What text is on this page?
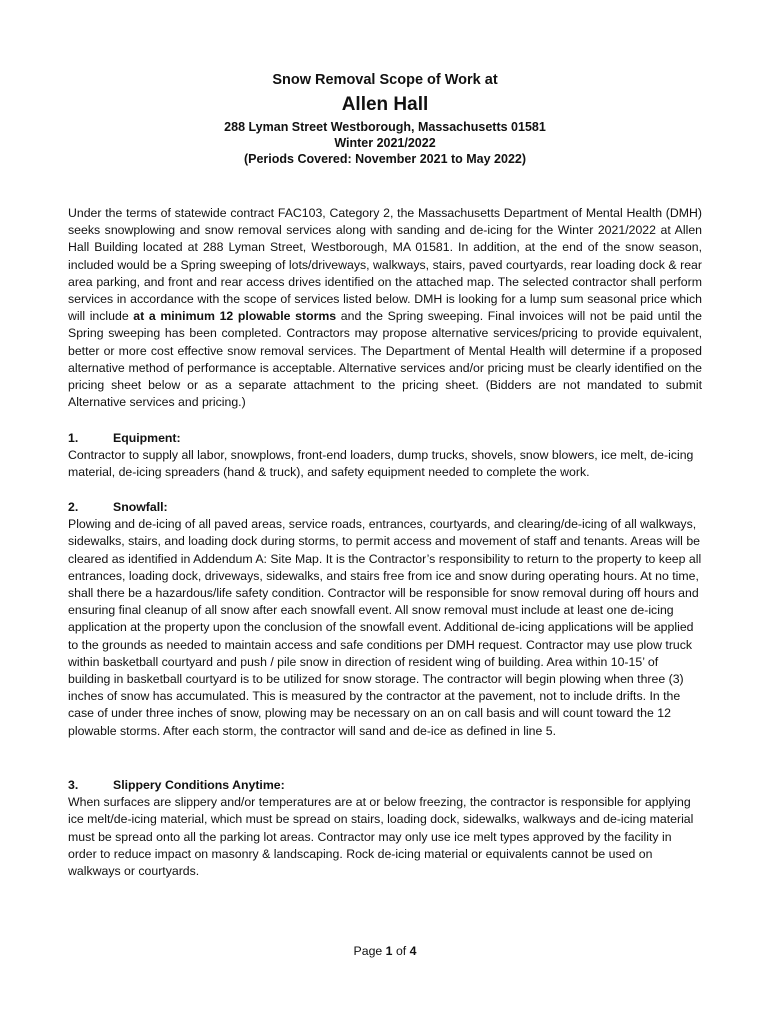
Snow Removal Scope of Work at
Allen Hall
288 Lyman Street Westborough, Massachusetts 01581
Winter 2021/2022
(Periods Covered: November 2021 to May 2022)

Under the terms of statewide contract FAC103, Category 2, the Massachusetts Department of Mental Health (DMH) seeks snowplowing and snow removal services along with sanding and de-icing for the Winter 2021/2022 at Allen Hall Building located at 288 Lyman Street, Westborough, MA 01581. In addition, at the end of the snow season, included would be a Spring sweeping of lots/driveways, walkways, stairs, paved courtyards, rear loading dock & rear area parking, and front and rear access drives identified on the attached map. The selected contractor shall perform services in accordance with the scope of services listed below. DMH is looking for a lump sum seasonal price which will include at a minimum 12 plowable storms and the Spring sweeping. Final invoices will not be paid until the Spring sweeping has been completed. Contractors may propose alternative services/pricing to provide equivalent, better or more cost effective snow removal services. The Department of Mental Health will determine if a proposed alternative method of performance is acceptable. Alternative services and/or pricing must be clearly identified on the pricing sheet below or as a separate attachment to the pricing sheet. (Bidders are not mandated to submit Alternative services and pricing.)

1.	Equipment:

Contractor to supply all labor, snowplows, front-end loaders, dump trucks, shovels, snow blowers, ice melt, de-icing material, de-icing spreaders (hand & truck), and safety equipment needed to complete the work.

2.	Snowfall:

Plowing and de-icing of all paved areas, service roads, entrances, courtyards, and clearing/de-icing of all walkways, sidewalks, stairs, and loading dock during storms, to permit access and movement of staff and tenants. Areas will be cleared as identified in Addendum A: Site Map. It is the Contractor’s responsibility to return to the property to keep all entrances, loading dock, driveways, sidewalks, and stairs free from ice and snow during operating hours. At no time, shall there be a hazardous/life safety condition. Contractor will be responsible for snow removal during off hours and ensuring final cleanup of all snow after each snowfall event. All snow removal must include at least one de-icing application at the property upon the conclusion of the snowfall event. Additional de-icing applications will be applied to the grounds as needed to maintain access and safe conditions per DMH request. Contractor may use plow truck within basketball courtyard and push / pile snow in direction of resident wing of building. Area within 10-15’ of building in basketball courtyard is to be utilized for snow storage. The contractor will begin plowing when three (3) inches of snow has accumulated. This is measured by the contractor at the pavement, not to include drifts. In the case of under three inches of snow, plowing may be necessary on an on call basis and will count toward the 12 plowable storms. After each storm, the contractor will sand and de-ice as defined in line 5.

3.	Slippery Conditions Anytime:

When surfaces are slippery and/or temperatures are at or below freezing, the contractor is responsible for applying ice melt/de-icing material, which must be spread on stairs, loading dock, sidewalks, walkways and de-icing material must be spread onto all the parking lot areas. Contractor may only use ice melt types approved by the facility in order to reduce impact on masonry & landscaping. Rock de-icing material or equivalents cannot be used on walkways or courtyards.

Page 1 of 4
